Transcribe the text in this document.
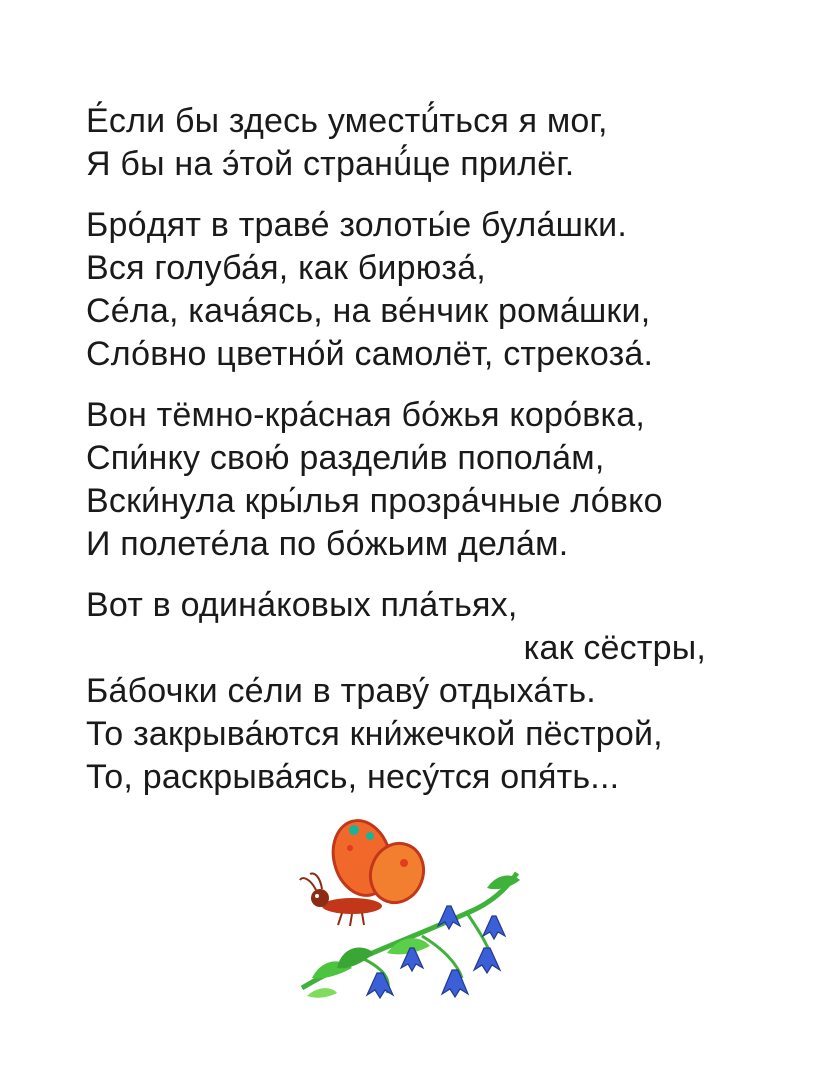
Е́сли бы здесь уместú́ться я мог,
Я бы на э́той странú́це прилёг.
Бро́дят в траве́ золоты́е була́шки.
Вся голуба́я, как бирюза́,
Се́ла, кача́ясь, на ве́нчик рома́шки,
Сло́вно цветно́й самолёт, стрекоза́.
Вон тёмно-кра́сная бо́жья коро́вка,
Спи́нку свою́ раздели́в попола́м,
Вски́нула кры́лья прозра́чные ло́вко
И полете́ла по бо́жьим дела́м.
Вот в одина́ковых пла́тьях,
как сёстры,
Ба́бочки се́ли в траву́ отдыха́ть.
То закрыва́ются кни́жечкой пёстрой,
То, раскрыва́ясь, несу́тся опя́ть...
